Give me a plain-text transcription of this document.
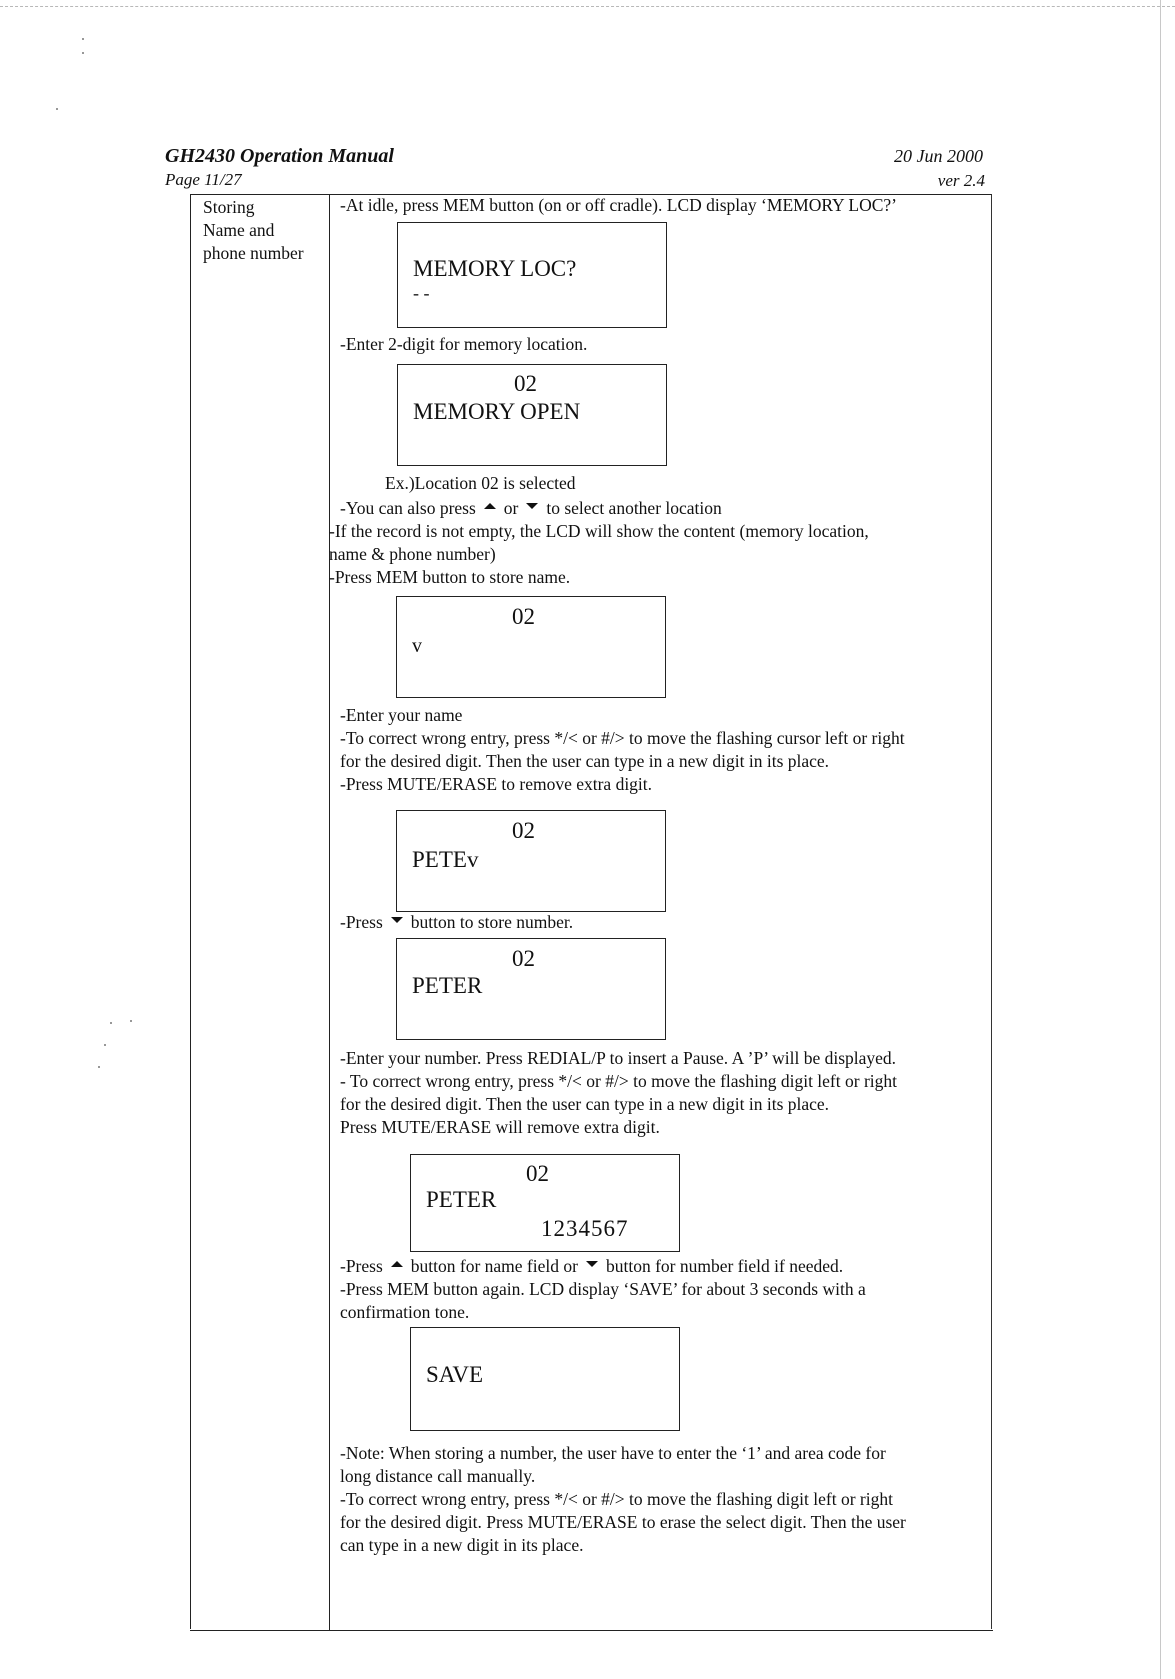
GH2430 Operation Manual	20 Jun 2000
Page 11/27	ver 2.4
Storing
Name and
phone number
-At idle, press MEM button (on or off cradle). LCD display ‘MEMORY LOC?’
MEMORY LOC?
- -
-Enter 2-digit for memory location.
02
MEMORY OPEN
Ex.)Location 02 is selected
-You can also press or to select another location
-If the record is not empty, the LCD will show the content (memory location,
name & phone number)
-Press MEM button to store name.
02
v
-Enter your name
-To correct wrong entry, press */< or #/> to move the flashing cursor left or right
for the desired digit. Then the user can type in a new digit in its place.
-Press MUTE/ERASE to remove extra digit.
02
PETEv
-Press button to store number.
02
PETER
-Enter your number. Press REDIAL/P to insert a Pause. A ’P’ will be displayed.
- To correct wrong entry, press */< or #/> to move the flashing digit left or right
for the desired digit. Then the user can type in a new digit in its place.
Press MUTE/ERASE will remove extra digit.
02
PETER
1234567
-Press button for name field or button for number field if needed.
-Press MEM button again. LCD display ‘SAVE’ for about 3 seconds with a
confirmation tone.
SAVE
-Note: When storing a number, the user have to enter the ‘1’ and area code for
long distance call manually.
-To correct wrong entry, press */< or #/> to move the flashing digit left or right
for the desired digit. Press MUTE/ERASE to erase the select digit. Then the user
can type in a new digit in its place.
